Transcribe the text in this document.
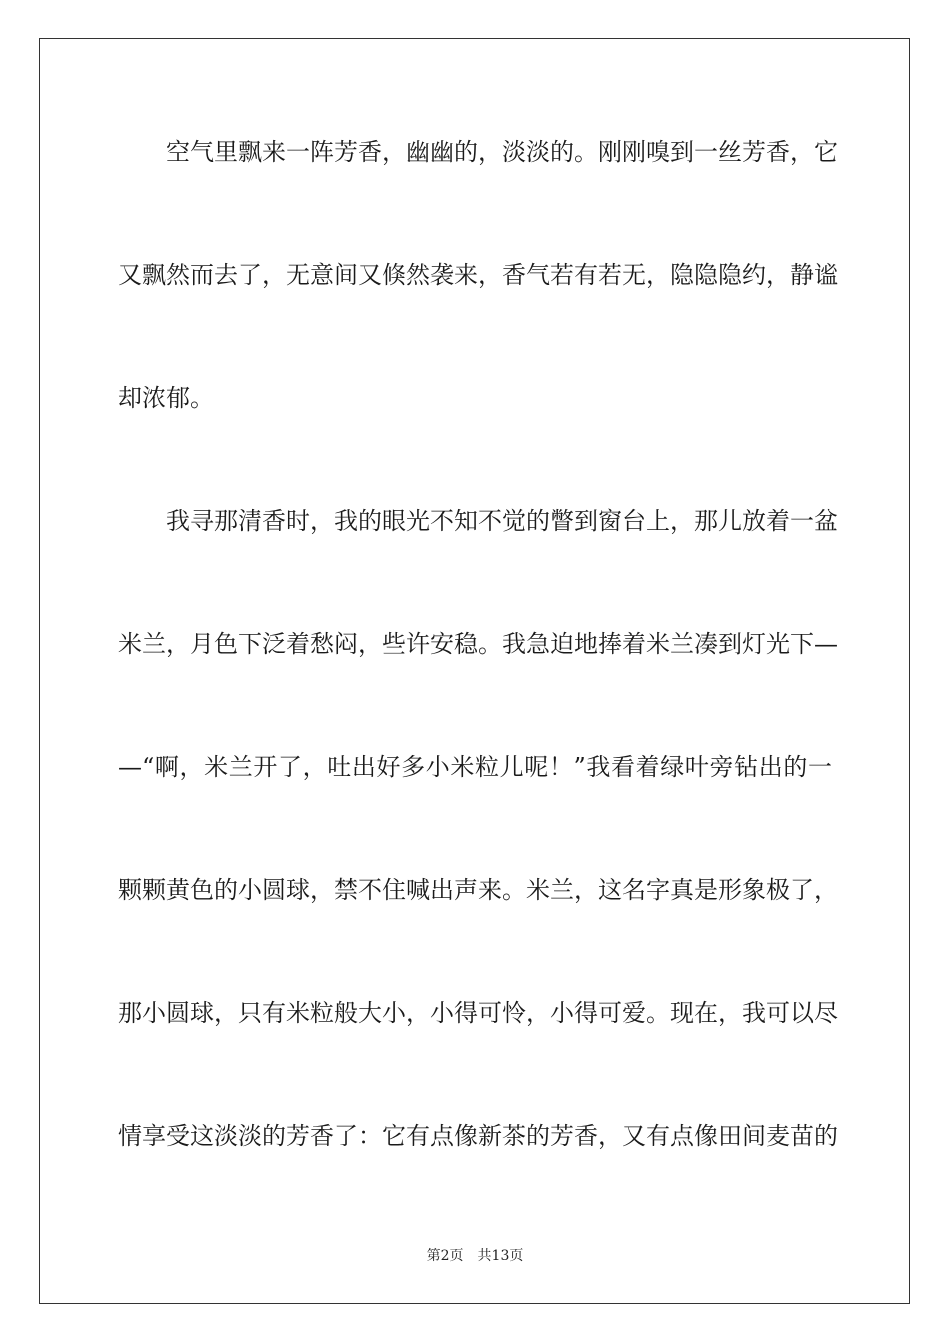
空气里飘来一阵芳香，幽幽的，淡淡的。刚刚嗅到一丝芳香，它
又飘然而去了，无意间又倏然袭来，香气若有若无，隐隐隐约，静谧
却浓郁。
我寻那清香时，我的眼光不知不觉的瞥到窗台上，那儿放着一盆
米兰，月色下泛着愁闷，些许安稳。我急迫地捧着米兰凑到灯光下—
—“啊，米兰开了，吐出好多小米粒儿呢！”我看着绿叶旁钻出的一
颗颗黄色的小圆球，禁不住喊出声来。米兰，这名字真是形象极了，
那小圆球，只有米粒般大小，小得可怜，小得可爱。现在，我可以尽
情享受这淡淡的芳香了：它有点像新茶的芳香，又有点像田间麦苗的
第2页 共13页
